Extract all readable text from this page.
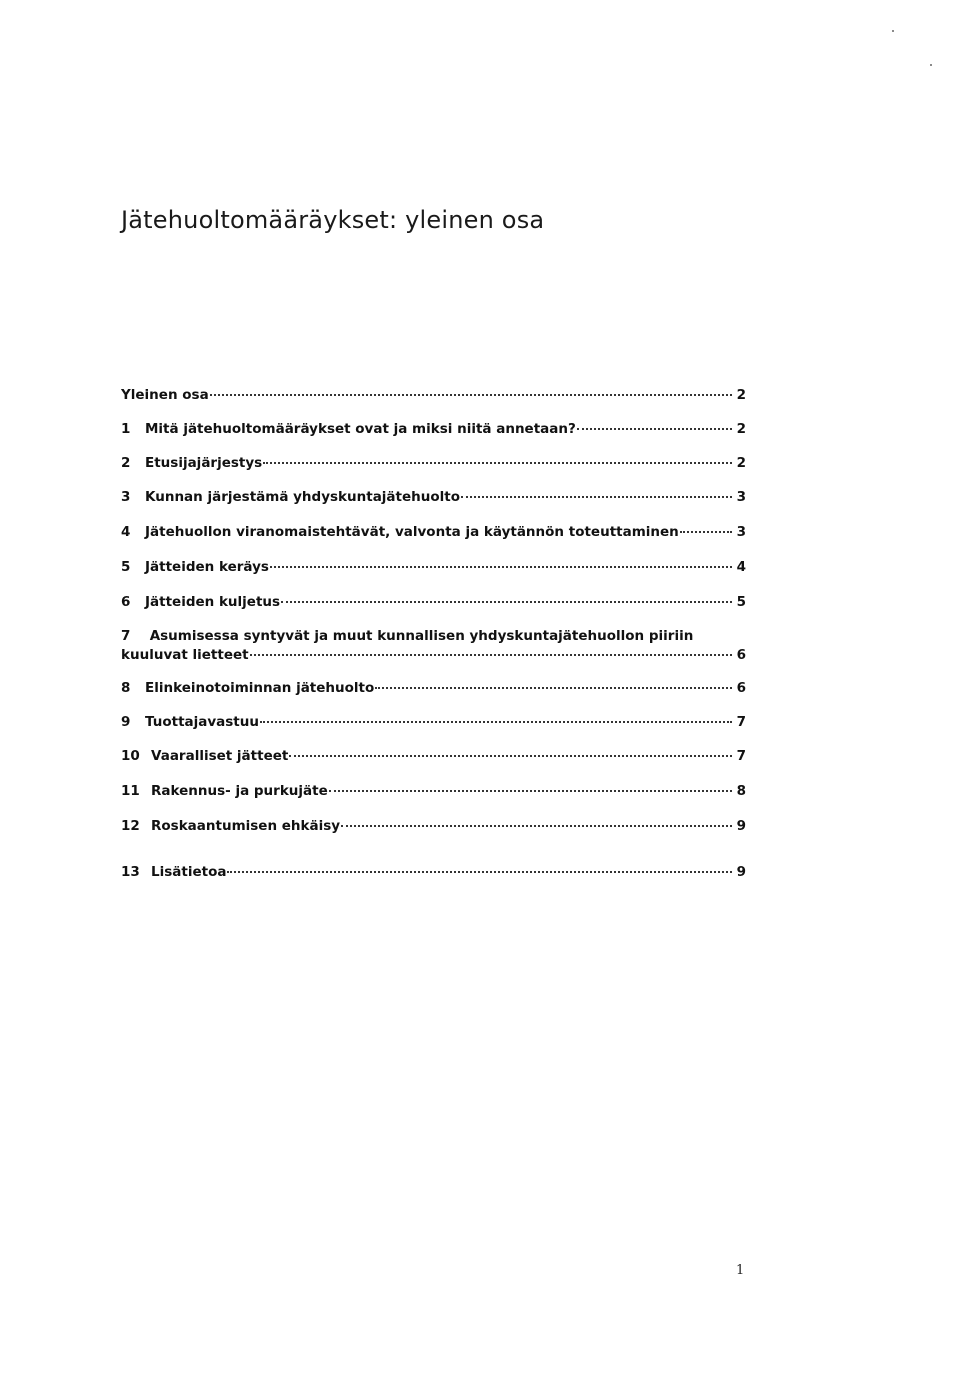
Jätehuoltomääräykset: yleinen osa
Yleinen osa	2
1	Mitä jätehuoltomääräykset ovat ja miksi niitä annetaan?	2
2	Etusijajärjestys	2
3	Kunnan järjestämä yhdyskuntajätehuolto	3
4	Jätehuollon viranomaistehtävät, valvonta ja käytännön toteuttaminen	3
5	Jätteiden keräys	4
6	Jätteiden kuljetus	5
7 Asumisessa syntyvät ja muut kunnallisen yhdyskuntajätehuollon piiriin
kuuluvat lietteet	6
8	Elinkeinotoiminnan jätehuolto	6
9	Tuottajavastuu	7
10 Vaaralliset jätteet	7
11 Rakennus- ja purkujäte	8
12 Roskaantumisen ehkäisy	9
13 Lisätietoa	9
1
